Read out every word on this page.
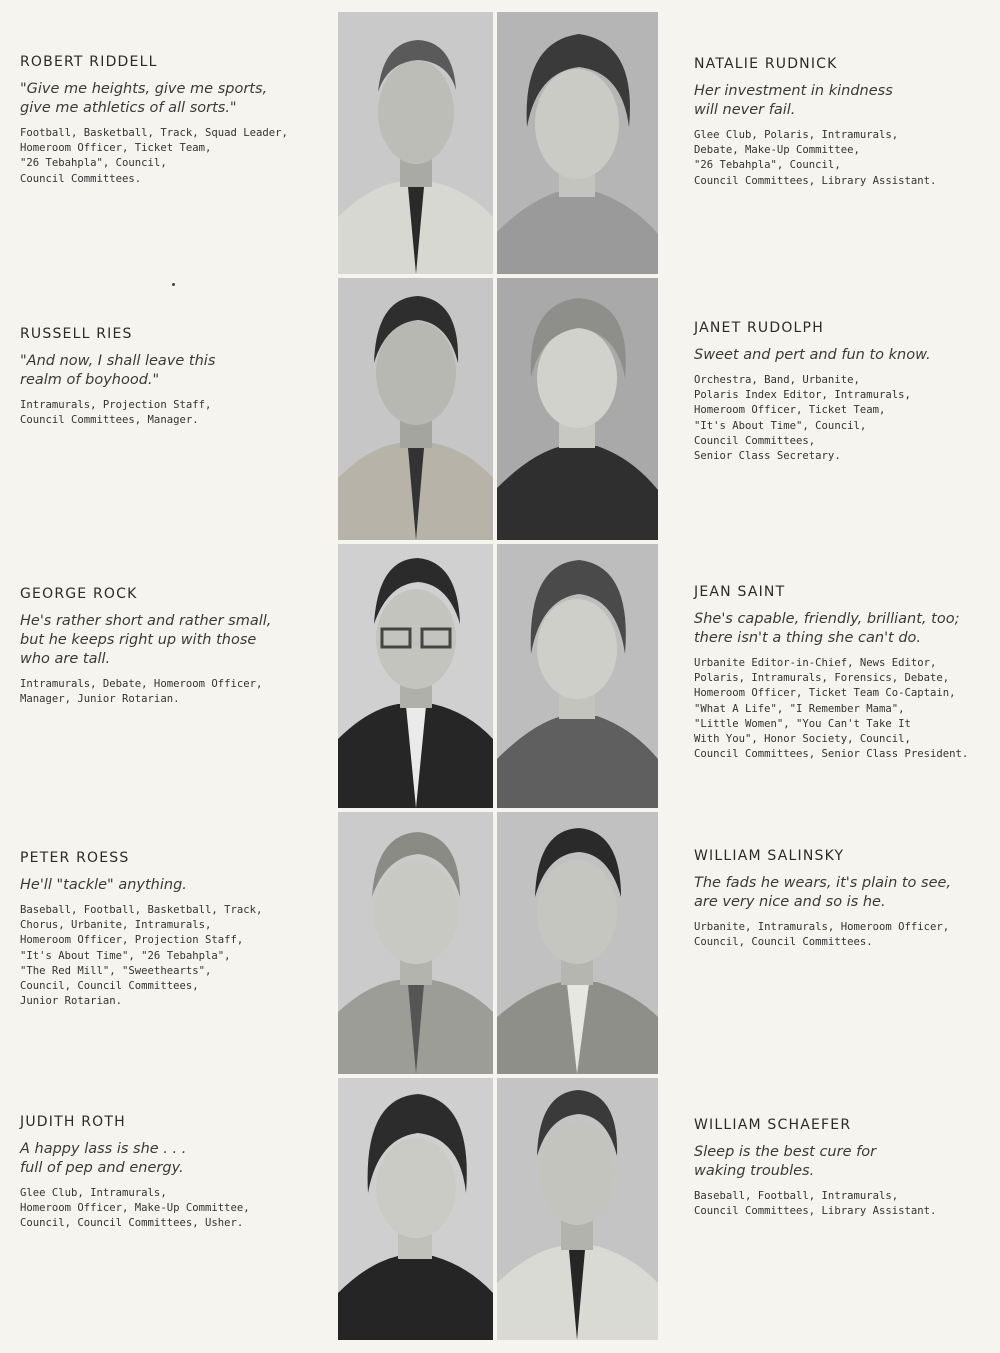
ROBERT RIDDELL

"Give me heights, give me sports,
give me athletics of all sorts."

Football, Basketball, Track, Squad Leader,
Homeroom Officer, Ticket Team,
"26 Tebahpla", Council,
Council Committees.

NATALIE RUDNICK

Her investment in kindness
will never fail.

Glee Club, Polaris, Intramurals,
Debate, Make-Up Committee,
"26 Tebahpla", Council,
Council Committees, Library Assistant.

RUSSELL RIES

"And now, I shall leave this
realm of boyhood."

Intramurals, Projection Staff,
Council Committees, Manager.

JANET RUDOLPH

Sweet and pert and fun to know.

Orchestra, Band, Urbanite,
Polaris Index Editor, Intramurals,
Homeroom Officer, Ticket Team,
"It's About Time", Council,
Council Committees,
Senior Class Secretary.

GEORGE ROCK

He's rather short and rather small,
but he keeps right up with those
who are tall.

Intramurals, Debate, Homeroom Officer,
Manager, Junior Rotarian.

JEAN SAINT

She's capable, friendly, brilliant, too;
there isn't a thing she can't do.

Urbanite Editor-in-Chief, News Editor,
Polaris, Intramurals, Forensics, Debate,
Homeroom Officer, Ticket Team Co-Captain,
"What A Life", "I Remember Mama",
"Little Women", "You Can't Take It
With You", Honor Society, Council,
Council Committees, Senior Class President.

PETER ROESS

He'll "tackle" anything.

Baseball, Football, Basketball, Track,
Chorus, Urbanite, Intramurals,
Homeroom Officer, Projection Staff,
"It's About Time", "26 Tebahpla",
"The Red Mill", "Sweethearts",
Council, Council Committees,
Junior Rotarian.

WILLIAM SALINSKY

The fads he wears, it's plain to see,
are very nice and so is he.

Urbanite, Intramurals, Homeroom Officer,
Council, Council Committees.

JUDITH ROTH

A happy lass is she . . .
full of pep and energy.

Glee Club, Intramurals,
Homeroom Officer, Make-Up Committee,
Council, Council Committees, Usher.

WILLIAM SCHAEFER

Sleep is the best cure for
waking troubles.

Baseball, Football, Intramurals,
Council Committees, Library Assistant.
